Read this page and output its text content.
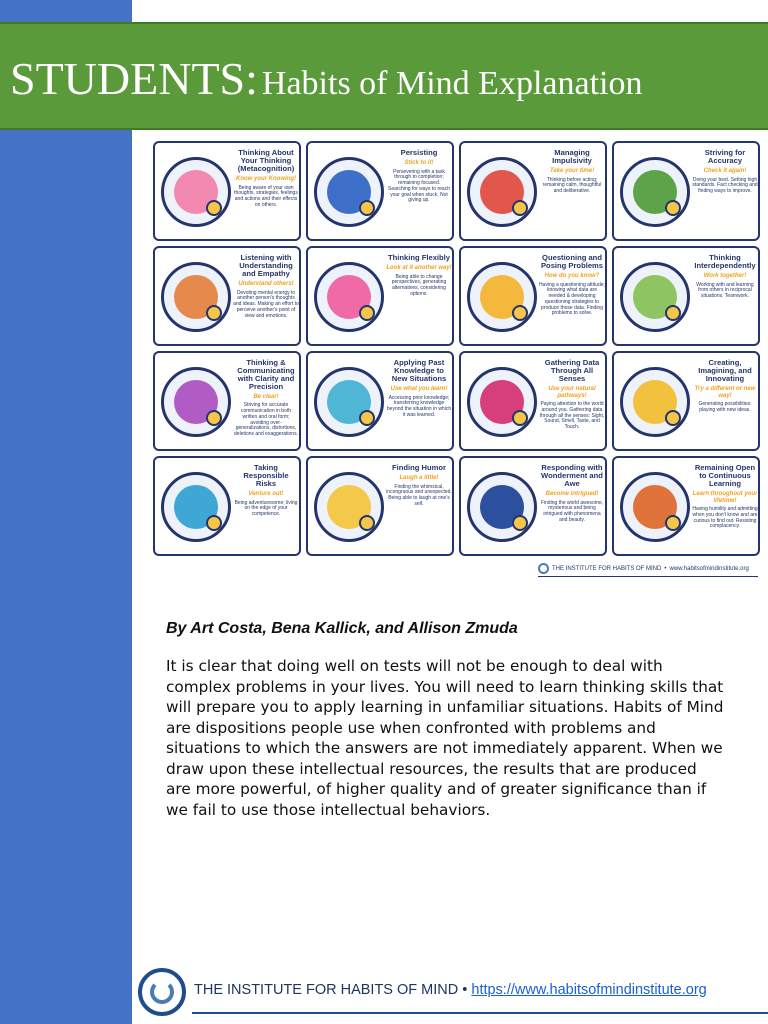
STUDENTS: Habits of Mind Explanation
Thinking About Your Thinking (Metacognition)
Know your Knowing!
Being aware of your own thoughts, strategies, feelings and actions and their effects on others.
Persisting
Stick to it!
Persevering with a task through to completion; remaining focused. Searching for ways to reach your goal when stuck. Not giving up.
Managing Impulsivity
Take your time!
Thinking before acting; remaining calm, thoughtful and deliberative.
Striving for Accuracy
Check it again!
Doing your best. Setting high standards. Fact checking and finding ways to improve.
Listening with Understanding and Empathy
Understand others!
Devoting mental energy to another person's thoughts and ideas. Making an effort to perceive another's point of view and emotions.
Thinking Flexibly
Look at it another way!
Being able to change perspectives, generating alternatives, considering options.
Questioning and Posing Problems
How do you know?
Having a questioning attitude; knowing what data are needed & developing questioning strategies to produce those data. Finding problems to solve.
Thinking Interdependently
Work together!
Working with and learning from others in reciprocal situations. Teamwork.
Thinking & Communicating with Clarity and Precision
Be clear!
Striving for accurate communication in both written and oral form; avoiding over-generalizations, distortions, deletions and exaggerations.
Applying Past Knowledge to New Situations
Use what you learn!
Accessing prior knowledge; transferring knowledge beyond the situation in which it was learned.
Gathering Data Through All Senses
Use your natural pathways!
Paying attention to the world around you. Gathering data through all the senses: Sight, Sound, Smell, Taste, and Touch.
Creating, Imagining, and Innovating
Try a different or new way!
Generating possibilities: playing with new ideas.
Taking Responsible Risks
Venture out!
Being adventuresome; living on the edge of your competence.
Finding Humor
Laugh a little!
Finding the whimsical, incongruous and unexpected. Being able to laugh at one's self.
Responding with Wonderment and Awe
Become intrigued!
Finding the world awesome, mysterious and being intrigued with phenomena and beauty.
Remaining Open to Continuous Learning
Learn throughout your lifetime!
Having humility and admitting when you don't know and are curious to find out. Resisting complacency.
THE INSTITUTE FOR HABITS OF MIND • www.habitsofmindinstitute.org
By Art Costa, Bena Kallick, and Allison Zmuda

It is clear that doing well on tests will not be enough to deal with complex problems in your lives. You will need to learn thinking skills that will prepare you to apply learning in unfamiliar situations. Habits of Mind are dispositions people use when confronted with problems and situations to which the answers are not immediately apparent. When we draw upon these intellectual resources, the results that are produced are more powerful, of higher quality and of greater significance than if we fail to use those intellectual behaviors.

THE INSTITUTE FOR HABITS OF MIND • https://www.habitsofmindinstitute.org
